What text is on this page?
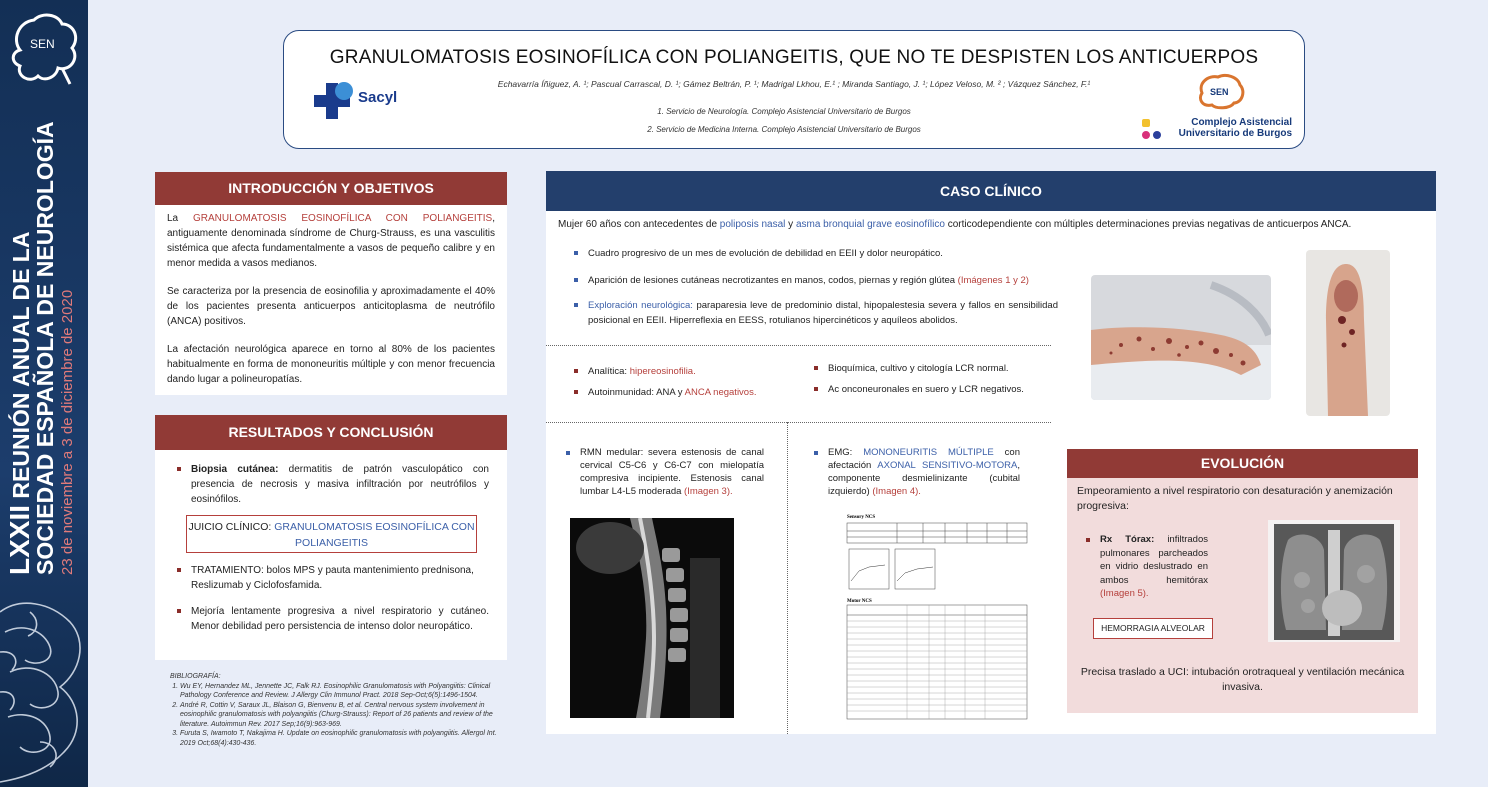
SEN
LXXII REUNIÓN ANUAL DE LA
SOCIEDAD ESPAÑOLA DE NEUROLOGÍA 23 de noviembre a 3 de diciembre de 2020
GRANULOMATOSIS EOSINOFÍLICA CON POLIANGEITIS, QUE NO TE DESPISTEN LOS ANTICUERPOS
Sacyl
Echavarría Íñiguez, A. ¹; Pascual Carrascal, D. ¹; Gámez Beltrán, P. ¹; Madrigal Lkhou, E.¹ ; Miranda Santiago, J. ¹; López Veloso, M. ² ; Vázquez Sánchez, F.¹
1. Servicio de Neurología. Complejo Asistencial Universitario de Burgos
2. Servicio de Medicina Interna. Complejo Asistencial Universitario de Burgos
SEN
Complejo Asistencial
Universitario de Burgos
INTRODUCCIÓN Y OBJETIVOS

La GRANULOMATOSIS EOSINOFÍLICA CON POLIANGEITIS, antiguamente denominada síndrome de Churg-Strauss, es una vasculitis sistémica que afecta fundamentalmente a vasos de pequeño calibre y en menor medida a vasos medianos.

Se caracteriza por la presencia de eosinofilia y aproximadamente el 40% de los pacientes presenta anticuerpos anticitoplasma de neutrófilo (ANCA) positivos.

La afectación neurológica aparece en torno al 80% de los pacientes habitualmente en forma de mononeuritis múltiple y con menor frecuencia dando lugar a polineuropatías.

RESULTADOS Y CONCLUSIÓN
Biopsia cutánea: dermatitis de patrón vasculopático con presencia de necrosis y masiva infiltración por neutrófilos y eosinófilos.
TRATAMIENTO: bolos MPS y pauta mantenimiento prednisona, Reslizumab y Ciclofosfamida.
Mejoría lentamente progresiva a nivel respiratorio y cutáneo. Menor debilidad pero persistencia de intenso dolor neuropático.
JUICIO CLÍNICO: GRANULOMATOSIS EOSINOFÍLICA CON POLIANGEITIS
BIBLIOGRAFÍA:
1. Wu EY, Hernandez ML, Jennette JC, Falk RJ. Eosinophilic Granulomatosis with Polyangiitis: Clinical Pathology Conference and Review. J Allergy Clin Immunol Pract. 2018 Sep-Oct;6(5):1496-1504.
2. André R, Cottin V, Saraux JL, Blaison G, Bienvenu B, et al. Central nervous system involvement in eosinophilic granulomatosis with polyangiitis (Churg-Strauss): Report of 26 patients and review of the literature. Autoimmun Rev. 2017 Sep;16(9):963-969.
3. Furuta S, Iwamoto T, Nakajima H. Update on eosinophilic granulomatosis with polyangiitis. Allergol Int. 2019 Oct;68(4):430-436.
CASO CLÍNICO
Mujer 60 años con antecedentes de poliposis nasal y asma bronquial grave eosinofílico corticodependiente con múltiples determinaciones previas negativas de anticuerpos ANCA.
Cuadro progresivo de un mes de evolución de debilidad en EEII y dolor neuropático.
Aparición de lesiones cutáneas necrotizantes en manos, codos, piernas y región glútea (Imágenes 1 y 2)
Exploración neurológica: paraparesia leve de predominio distal, hipopalestesia severa y fallos en sensibilidad posicional en EEII. Hiperreflexia en EESS, rotulianos hipercinéticos y aquíleos abolidos.
Analítica: hipereosinofilia.
Autoinmunidad: ANA y ANCA negativos.
Bioquímica, cultivo y citología LCR normal.
Ac onconeuronales en suero y LCR negativos.
RMN medular: severa estenosis de canal cervical C5-C6 y C6-C7 con mielopatía compresiva incipiente. Estenosis canal lumbar L4-L5 moderada (Imagen 3).
EMG: MONONEURITIS MÚLTIPLE con afectación AXONAL SENSITIVO-MOTORA, componente desmielinizante (cubital izquierdo) (Imagen 4).
Sensory NCS
Motor NCS
EVOLUCIÓN
Empeoramiento a nivel respiratorio con desaturación y anemización progresiva:
Rx Tórax: infiltrados pulmonares parcheados en vidrio deslustrado en ambos hemitórax (Imagen 5).
HEMORRAGIA ALVEOLAR
Precisa traslado a UCI: intubación orotraqueal y ventilación mecánica invasiva.
